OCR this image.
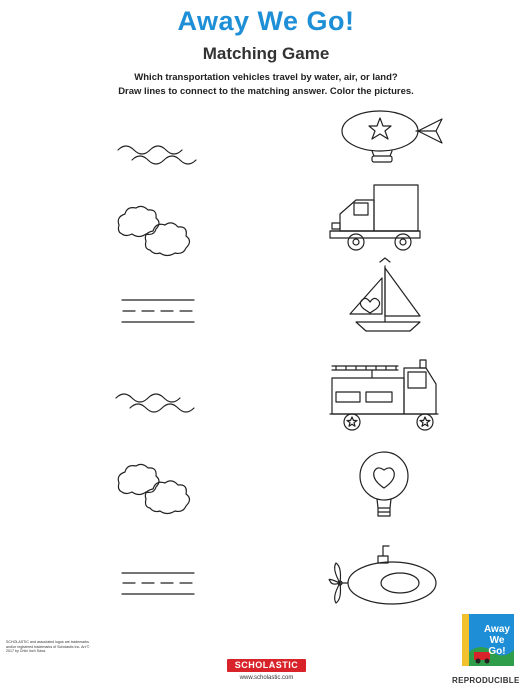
Away We Go!
Matching Game
Which transportation vehicles travel by water, air, or land?
Draw lines to connect to the matching answer. Color the pictures.
SCHOLASTIC and associated logos are trademarks and/or registered trademarks of Scholastic Inc. Art © 2017 by Chiki Inch Sdna.
SCHOLASTIC
www.scholastic.com
Away
We
Go!
REPRODUCIBLE
